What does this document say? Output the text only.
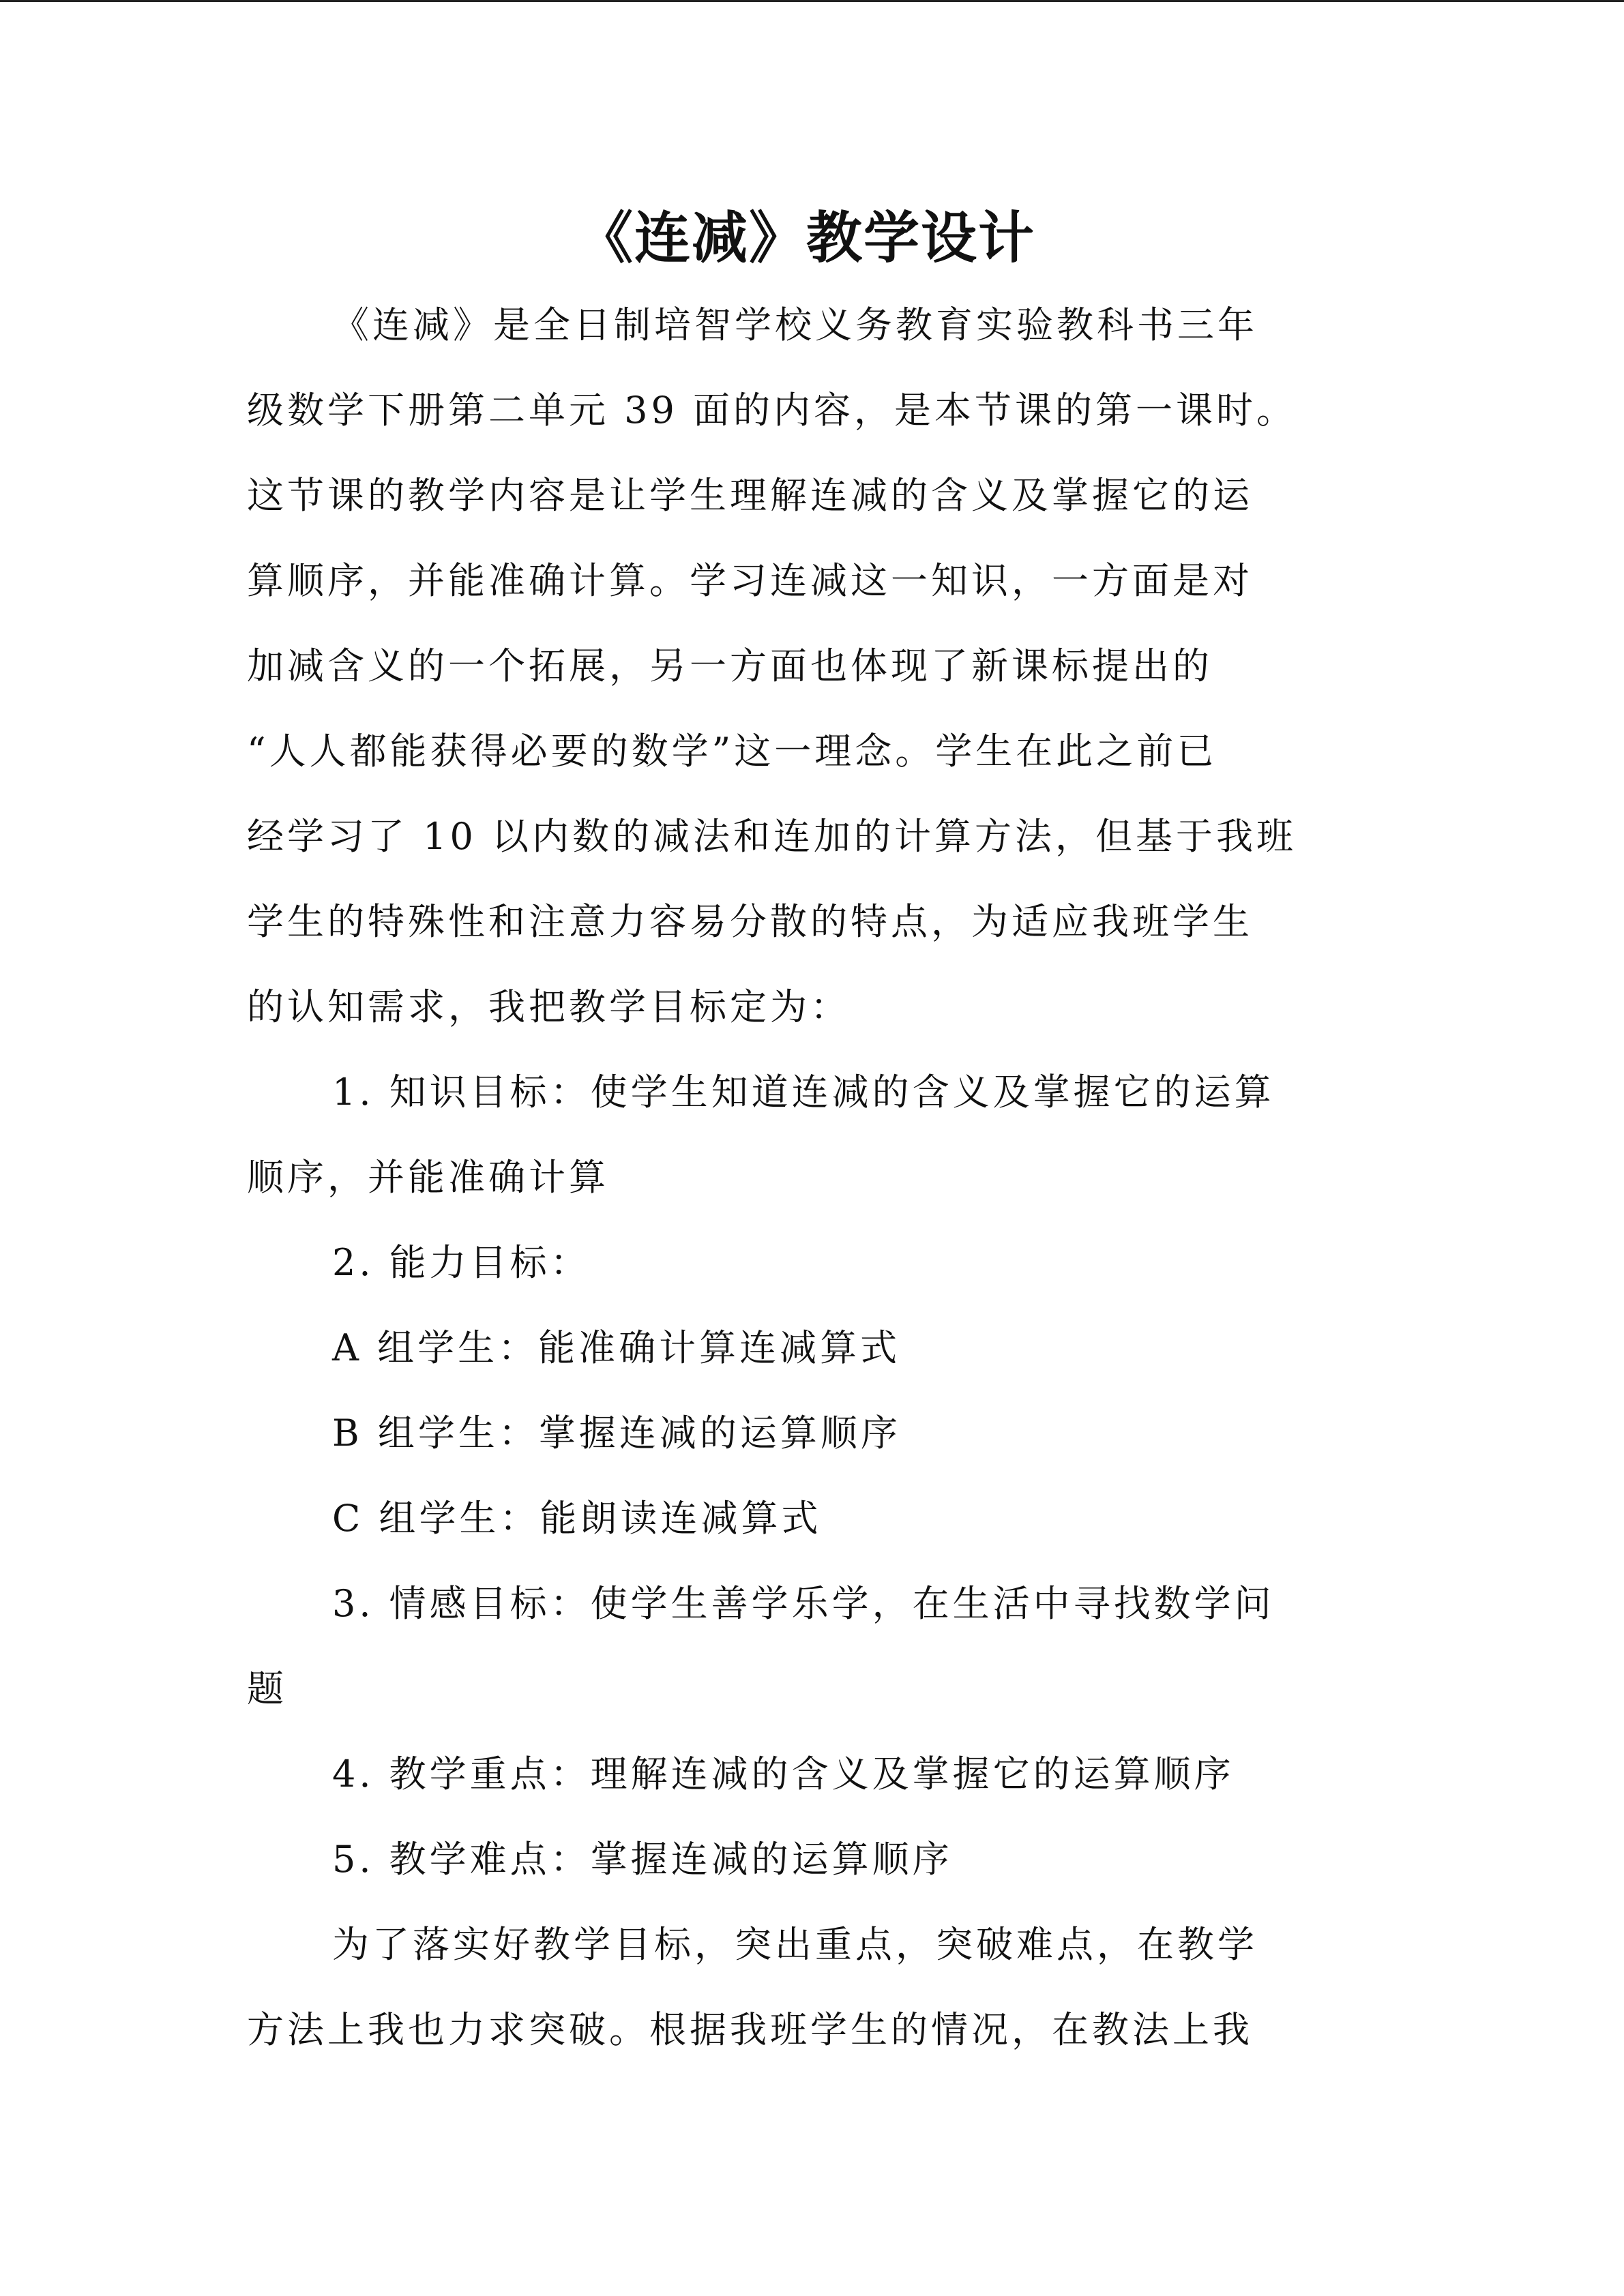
《连减》教学设计
《连减》是全日制培智学校义务教育实验教科书三年
级数学下册第二单元 39 面的内容，是本节课的第一课时。
这节课的教学内容是让学生理解连减的含义及掌握它的运
算顺序，并能准确计算。学习连减这一知识，一方面是对
加减含义的一个拓展，另一方面也体现了新课标提出的
“人人都能获得必要的数学”这一理念。学生在此之前已
经学习了 10 以内数的减法和连加的计算方法，但基于我班
学生的特殊性和注意力容易分散的特点，为适应我班学生
的认知需求，我把教学目标定为：
1. 知识目标：使学生知道连减的含义及掌握它的运算
顺序，并能准确计算
2. 能力目标：
A 组学生：能准确计算连减算式
B 组学生：掌握连减的运算顺序
C 组学生：能朗读连减算式
3. 情感目标：使学生善学乐学，在生活中寻找数学问
题
4. 教学重点：理解连减的含义及掌握它的运算顺序
5. 教学难点：掌握连减的运算顺序
为了落实好教学目标，突出重点，突破难点，在教学
方法上我也力求突破。根据我班学生的情况，在教法上我
